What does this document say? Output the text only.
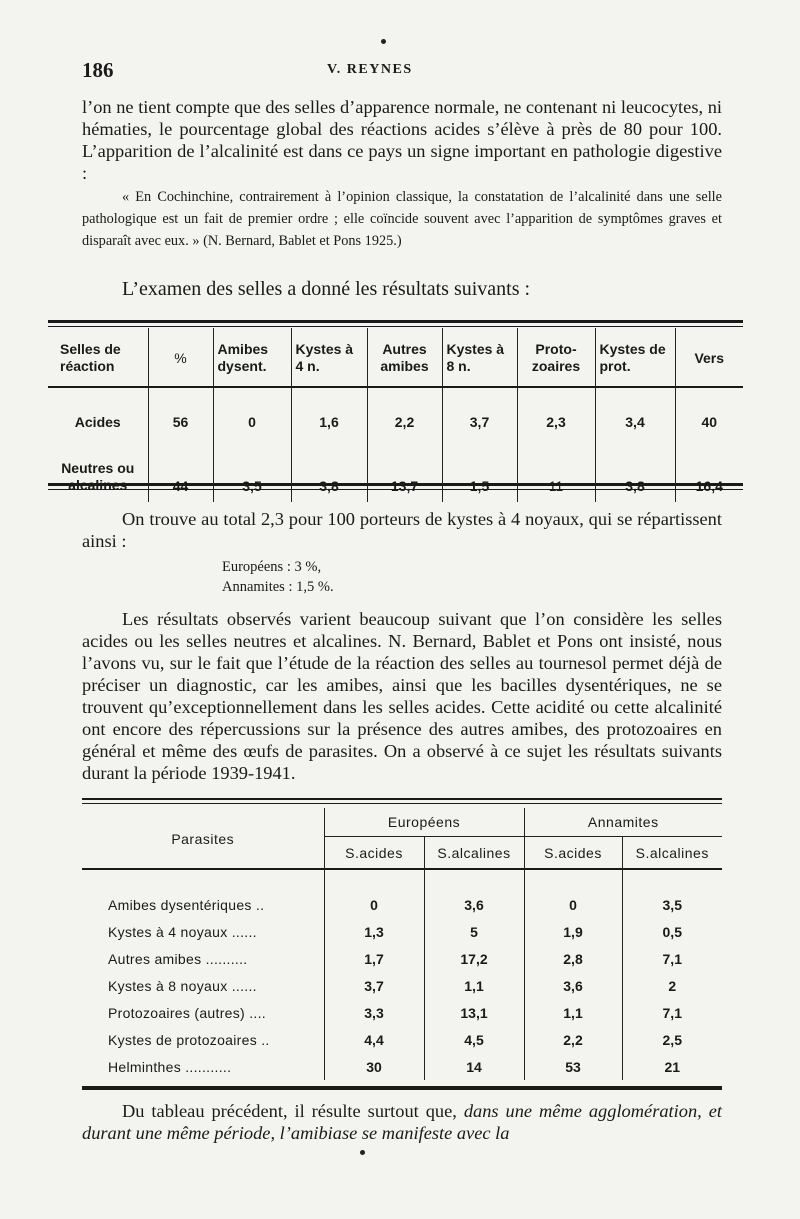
186	V. REYNES

l’on ne tient compte que des selles d’apparence normale, ne contenant ni leucocytes, ni hématies, le pourcentage global des réactions acides s’élève à près de 80 pour 100. L’apparition de l’alcalinité est dans ce pays un signe important en pathologie digestive :

« En Cochinchine, contrairement à l’opinion classique, la constatation de l’alcalinité dans une selle pathologique est un fait de premier ordre ; elle coïncide souvent avec l’apparition de symptômes graves et disparaît avec eux. » (N. Bernard, Bablet et Pons 1925.)

L’examen des selles a donné les résultats suivants :

Selles de réaction	%	Amibes dysent.	Kystes à 4 n.	Autres amibes	Kystes à 8 n.	Proto-zoaires	Kystes de prot.	Vers
Acides	56	0	1,6	2,2	3,7	2,3	3,4	40

Neutres ou
alcalines	44	3,5	3,8	13,7	1,5	11	3,8	16,4

On trouve au total 2,3 pour 100 porteurs de kystes à 4 noyaux, qui se répartissent ainsi :

Européens : 3 %,
Annamites : 1,5 %.

Les résultats observés varient beaucoup suivant que l’on considère les selles acides ou les selles neutres et alcalines. N. Bernard, Bablet et Pons ont insisté, nous l’avons vu, sur le fait que l’étude de la réaction des selles au tournesol permet déjà de préciser un diagnostic, car les amibes, ainsi que les bacilles dysentériques, ne se trouvent qu’exceptionnellement dans les selles acides. Cette acidité ou cette alcalinité ont encore des répercussions sur la présence des autres amibes, des protozoaires en général et même des œufs de parasites. On a observé à ce sujet les résultats suivants durant la période 1939-1941.

Parasites	Européens		Annamites	
	S.acides	S.alcalines	S.acides	S.alcalines

Amibes dysentériques ..	0	3,6	0	3,5
Kystes à 4 noyaux ......	1,3	5	1,9	0,5
Autres amibes ..........	1,7	17,2	2,8	7,1
Kystes à 8 noyaux ......	3,7	1,1	3,6	2
Protozoaires (autres) ....	3,3	13,1	1,1	7,1
Kystes de protozoaires ..	4,4	4,5	2,2	2,5
Helminthes ...........	30	14	53	21

Du tableau précédent, il résulte surtout que, dans une même agglomération, et durant une même période, l’amibiase se manifeste avec la
